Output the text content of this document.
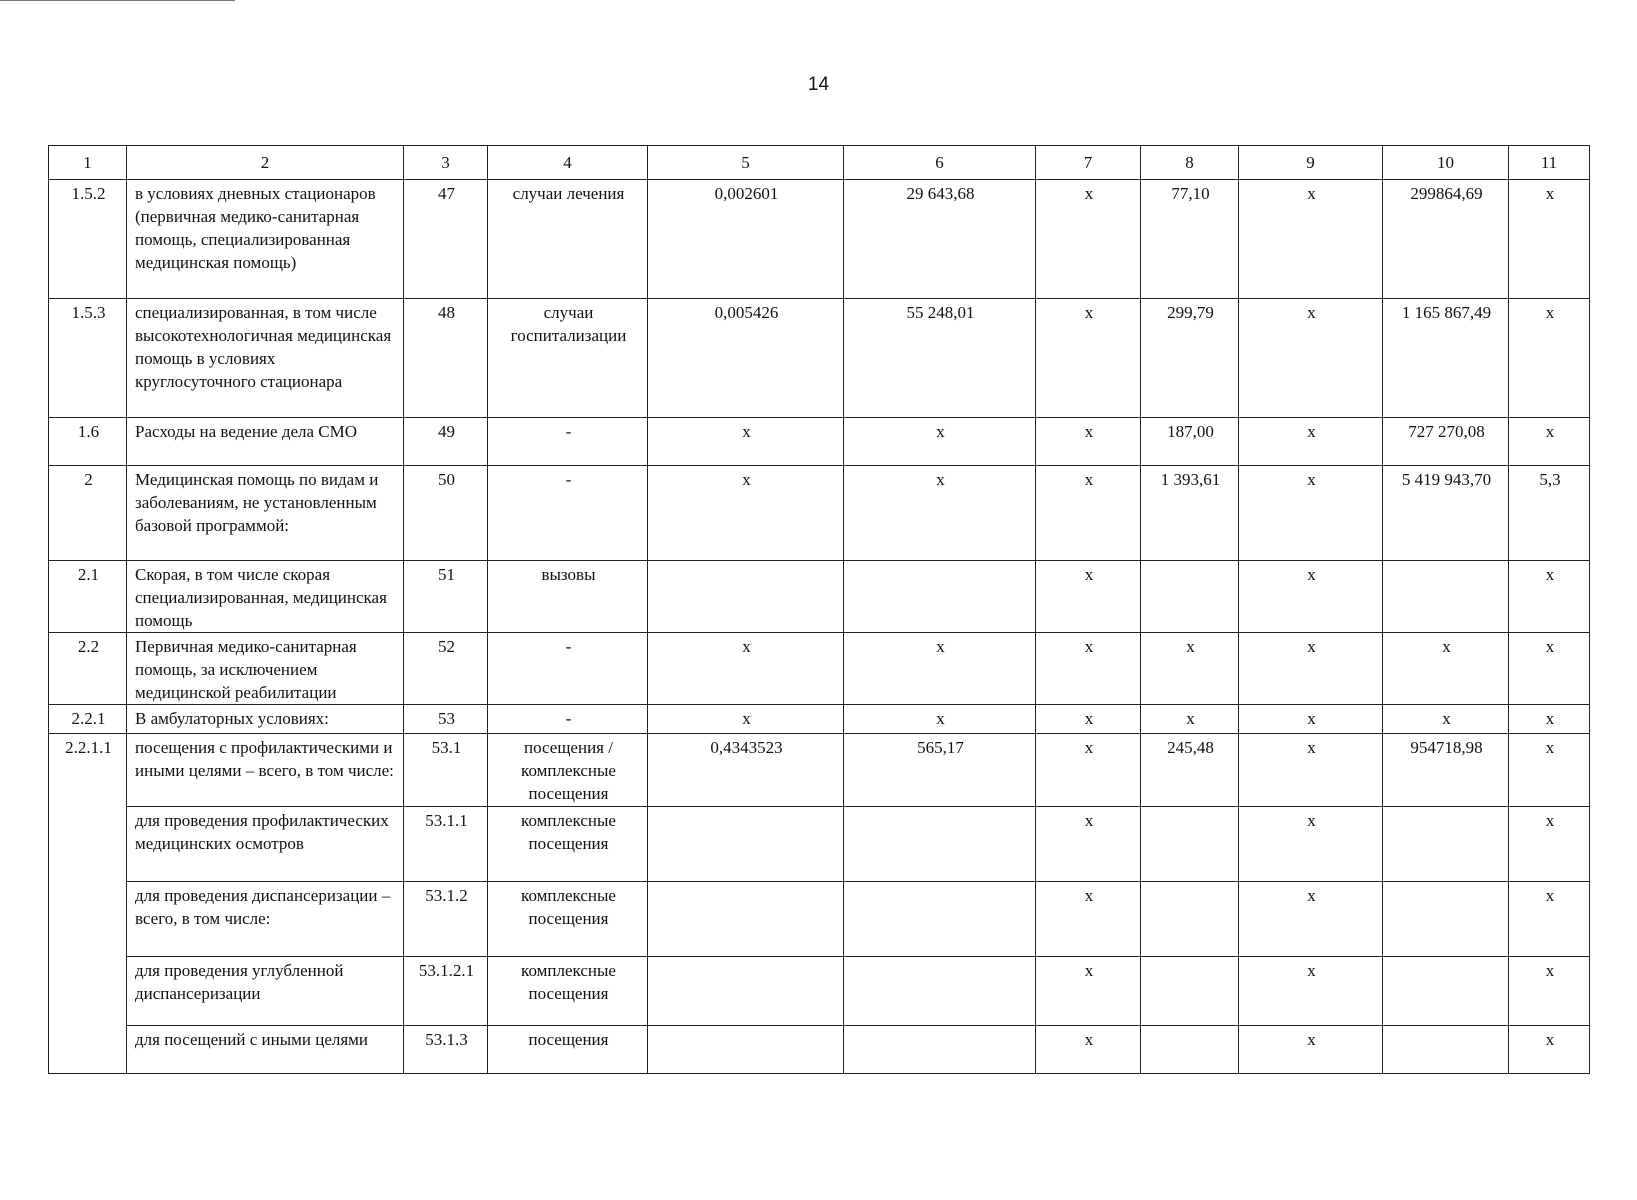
14
1	2	3	4	5	6	7	8	9	10	11
1.5.2	в условиях дневных стационаров (первичная медико-санитарная помощь, специализированная медицинская помощь)	47	случаи лечения	0,002601	29 643,68	х	77,10	х	299864,69	х
1.5.3	специализированная, в том числе высокотехнологичная медицинская помощь в условиях круглосуточного стационара	48	случаи госпитализации	0,005426	55 248,01	х	299,79	х	1 165 867,49	х
1.6	Расходы на ведение дела СМО	49	-	х	х	х	187,00	х	727 270,08	х
2	Медицинская помощь по видам и заболеваниям, не установленным базовой программой:	50	-	х	х	х	1 393,61	х	5 419 943,70	5,3
2.1	Скорая, в том числе скорая специализированная, медицинская помощь	51	вызовы			х		х		х
2.2	Первичная медико-санитарная помощь, за исключением медицинской реабилитации	52	-	х	х	х	х	х	х	х
2.2.1	В амбулаторных условиях:	53	-	х	х	х	х	х	х	х
2.2.1.1	посещения с профилактическими и иными целями – всего, в том числе:	53.1	посещения / комплексные посещения	0,4343523	565,17	х	245,48	х	954718,98	х
	для проведения профилактических медицинских осмотров	53.1.1	комплексные посещения			х		х		х
	для проведения диспансеризации – всего, в том числе:	53.1.2	комплексные посещения			х		х		х
	для проведения углубленной диспансеризации	53.1.2.1	комплексные посещения			х		х		х
	для посещений с иными целями	53.1.3	посещения			х		х		х
